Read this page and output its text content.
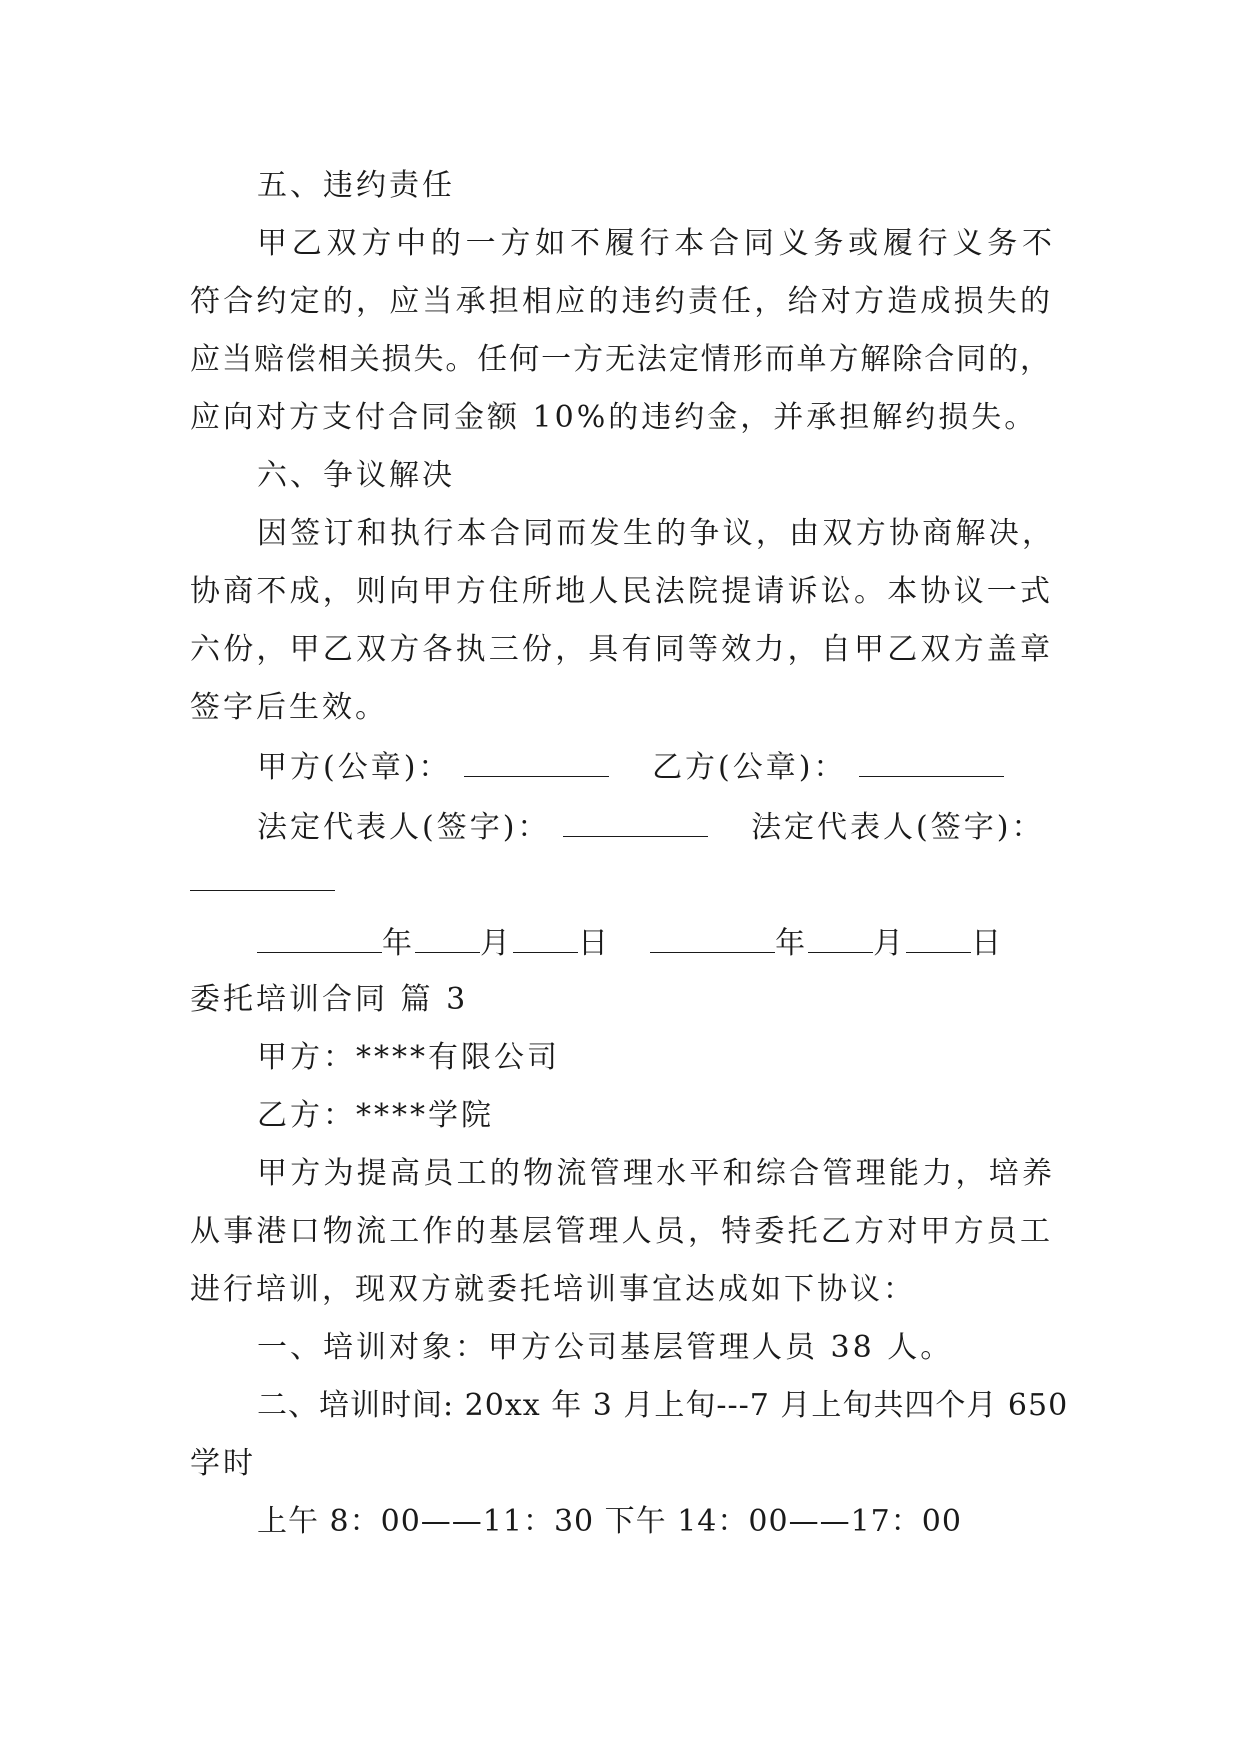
五、违约责任
甲乙双方中的一方如不履行本合同义务或履行义务不
符合约定的，应当承担相应的违约责任，给对方造成损失的
应当赔偿相关损失。任何一方无法定情形而单方解除合同的，
应向对方支付合同金额 10%的违约金，并承担解约损失。
六、争议解决
因签订和执行本合同而发生的争议，由双方协商解决，
协商不成，则向甲方住所地人民法院提请诉讼。本协议一式
六份，甲乙双方各执三份，具有同等效力，自甲乙双方盖章
签字后生效。
甲方(公章)：	乙方(公章)：
法定代表人(签字)：	法定代表人(签字)：
年 月 日	年 月 日
委托培训合同 篇 3
甲方：****有限公司
乙方：****学院
甲方为提高员工的物流管理水平和综合管理能力，培养
从事港口物流工作的基层管理人员，特委托乙方对甲方员工
进行培训，现双方就委托培训事宜达成如下协议：
一、培训对象：甲方公司基层管理人员 38 人。
二、培训时间: 20xx 年 3 月上旬---7 月上旬共四个月 650
学时
上午 8：00——11：30 下午 14：00——17：00
